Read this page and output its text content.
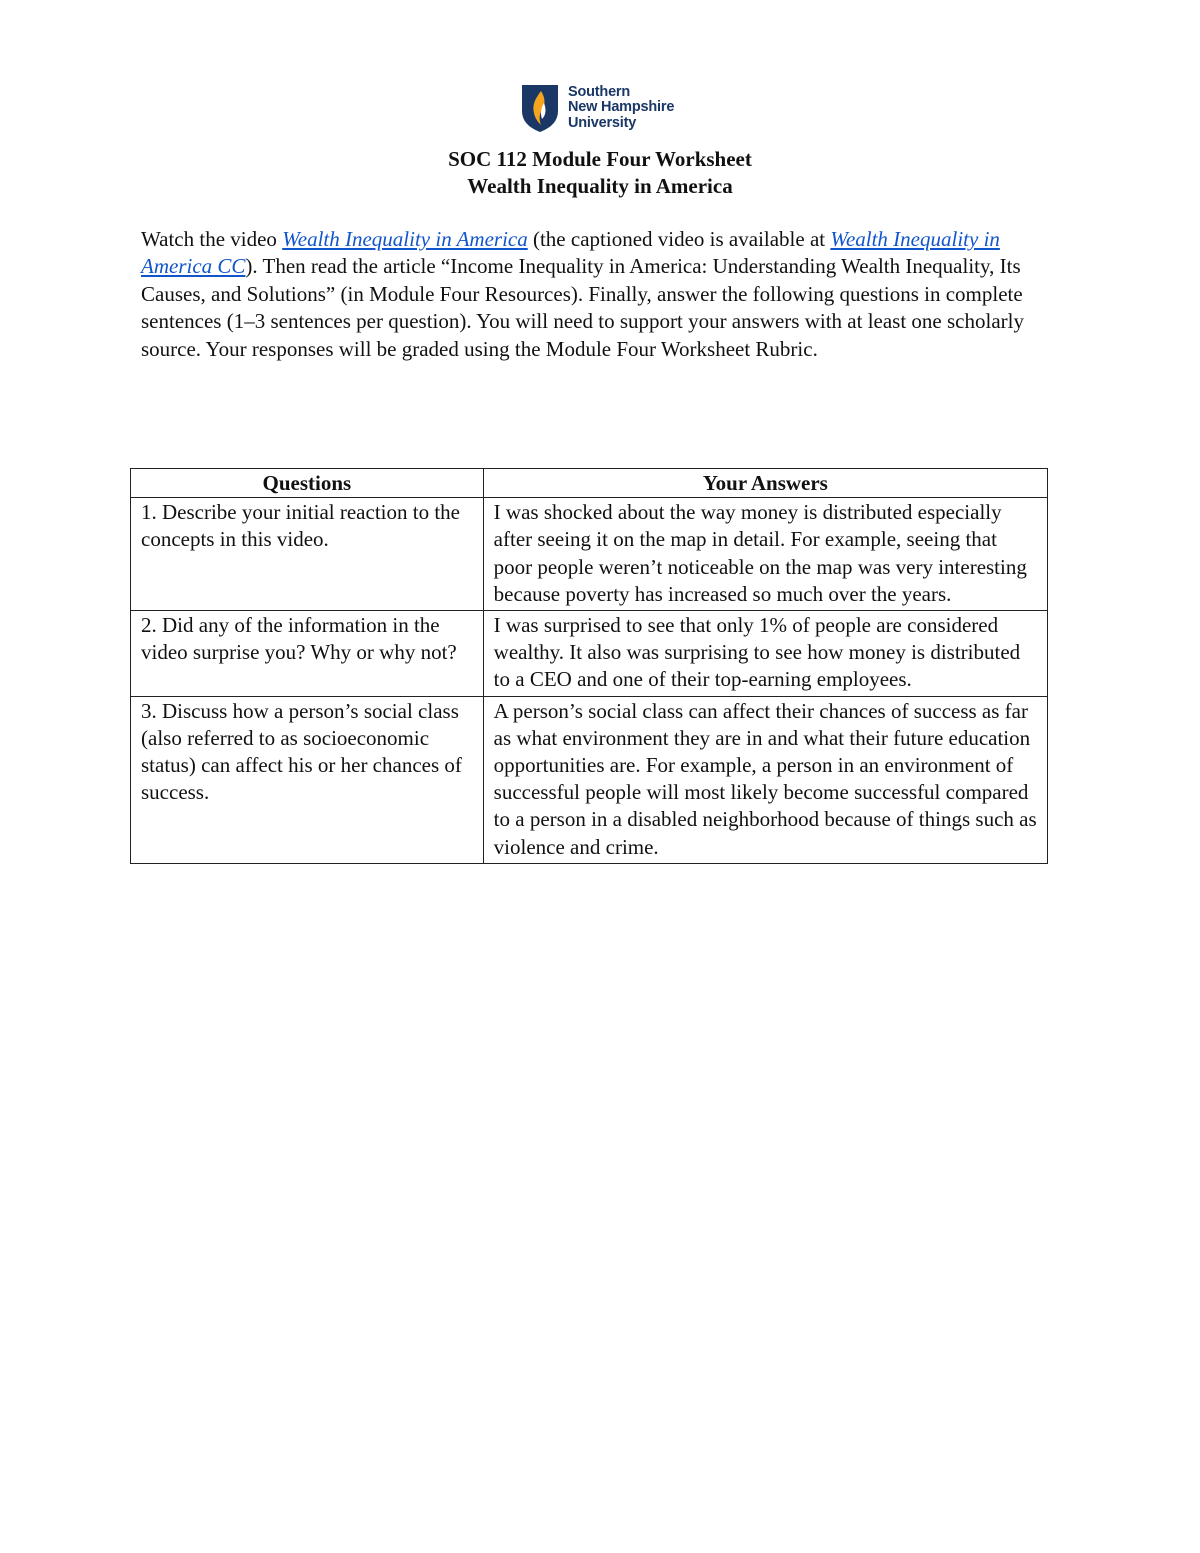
Southern
New Hampshire
University
SOC 112 Module Four Worksheet
Wealth Inequality in America
Watch the video Wealth Inequality in America (the captioned video is available at Wealth Inequality in America CC). Then read the article “Income Inequality in America: Understanding Wealth Inequality, Its Causes, and Solutions” (in Module Four Resources). Finally, answer the following questions in complete sentences (1–3 sentences per question). You will need to support your answers with at least one scholarly source. Your responses will be graded using the Module Four Worksheet Rubric.
Questions	Your Answers
1. Describe your initial reaction to the concepts in this video.	I was shocked about the way money is distributed especially after seeing it on the map in detail. For example, seeing that poor people weren’t noticeable on the map was very interesting because poverty has increased so much over the years.
2. Did any of the information in the video surprise you? Why or why not?	I was surprised to see that only 1% of people are considered wealthy. It also was surprising to see how money is distributed to a CEO and one of their top-earning employees.
3. Discuss how a person’s social class (also referred to as socioeconomic status) can affect his or her chances of success.	A person’s social class can affect their chances of success as far as what environment they are in and what their future education opportunities are. For example, a person in an environment of successful people will most likely become successful compared to a person in a disabled neighborhood because of things such as violence and crime.
